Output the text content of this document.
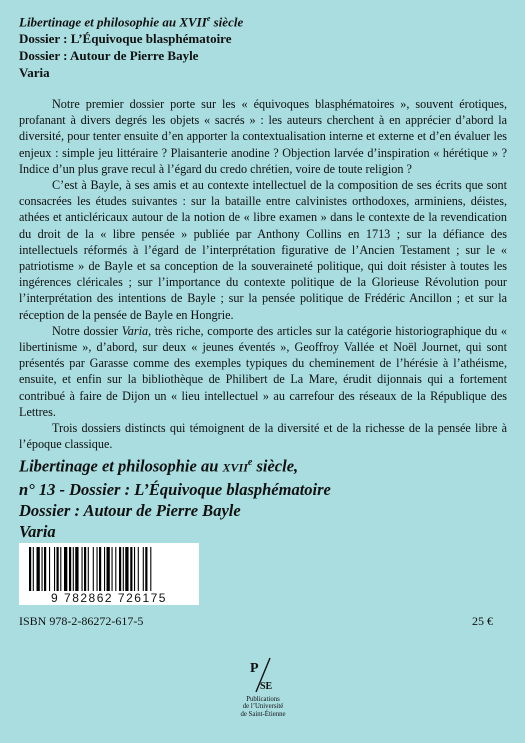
Libertinage et philosophie au XVIIe siècle
Dossier : L’Équivoque blasphématoire
Dossier : Autour de Pierre Bayle
Varia

Notre premier dossier porte sur les « équivoques blasphématoires », souvent érotiques, profanant à divers degrés les objets « sacrés » : les auteurs cherchent à en apprécier d’abord la diversité, pour tenter ensuite d’en apporter la contextualisation interne et externe et d’en évaluer les enjeux : simple jeu littéraire ? Plaisanterie anodine ? Objection larvée d’inspiration « hérétique » ? Indice d’un plus grave recul à l’égard du credo chrétien, voire de toute religion ?

C’est à Bayle, à ses amis et au contexte intellectuel de la composition de ses écrits que sont consacrées les études suivantes : sur la bataille entre calvinistes orthodoxes, arminiens, déistes, athées et anticléricaux autour de la notion de « libre examen » dans le contexte de la revendication du droit de la « libre pensée » publiée par Anthony Collins en 1713 ; sur la défiance des intellectuels réformés à l’égard de l’interprétation figurative de l’Ancien Testament ; sur le « patriotisme » de Bayle et sa conception de la souveraineté politique, qui doit résister à toutes les ingérences cléricales ; sur l’importance du contexte politique de la Glorieuse Révolution pour l’interprétation des intentions de Bayle ; sur la pensée politique de Frédéric Ancillon ; et sur la réception de la pensée de Bayle en Hongrie.

Notre dossier Varia, très riche, comporte des articles sur la catégorie historiographique du « libertinisme », d’abord, sur deux « jeunes éventés », Geoffroy Vallée et Noël Journet, qui sont présentés par Garasse comme des exemples typiques du cheminement de l’hérésie à l’athéisme, ensuite, et enfin sur la bibliothèque de Philibert de La Mare, érudit dijonnais qui a fortement contribué à faire de Dijon un « lieu intellectuel » au carrefour des réseaux de la République des Lettres.

Trois dossiers distincts qui témoignent de la diversité et de la richesse de la pensée libre à l’époque classique.

Libertinage et philosophie au XVIIe siècle,
n° 13 - Dossier : L’Équivoque blasphématoire
Dossier : Autour de Pierre Bayle
Varia
9 782862 726175
ISBN 978-2-86272-617-5	25 €
P
SE
Publications
de l’Université
de Saint-Étienne
